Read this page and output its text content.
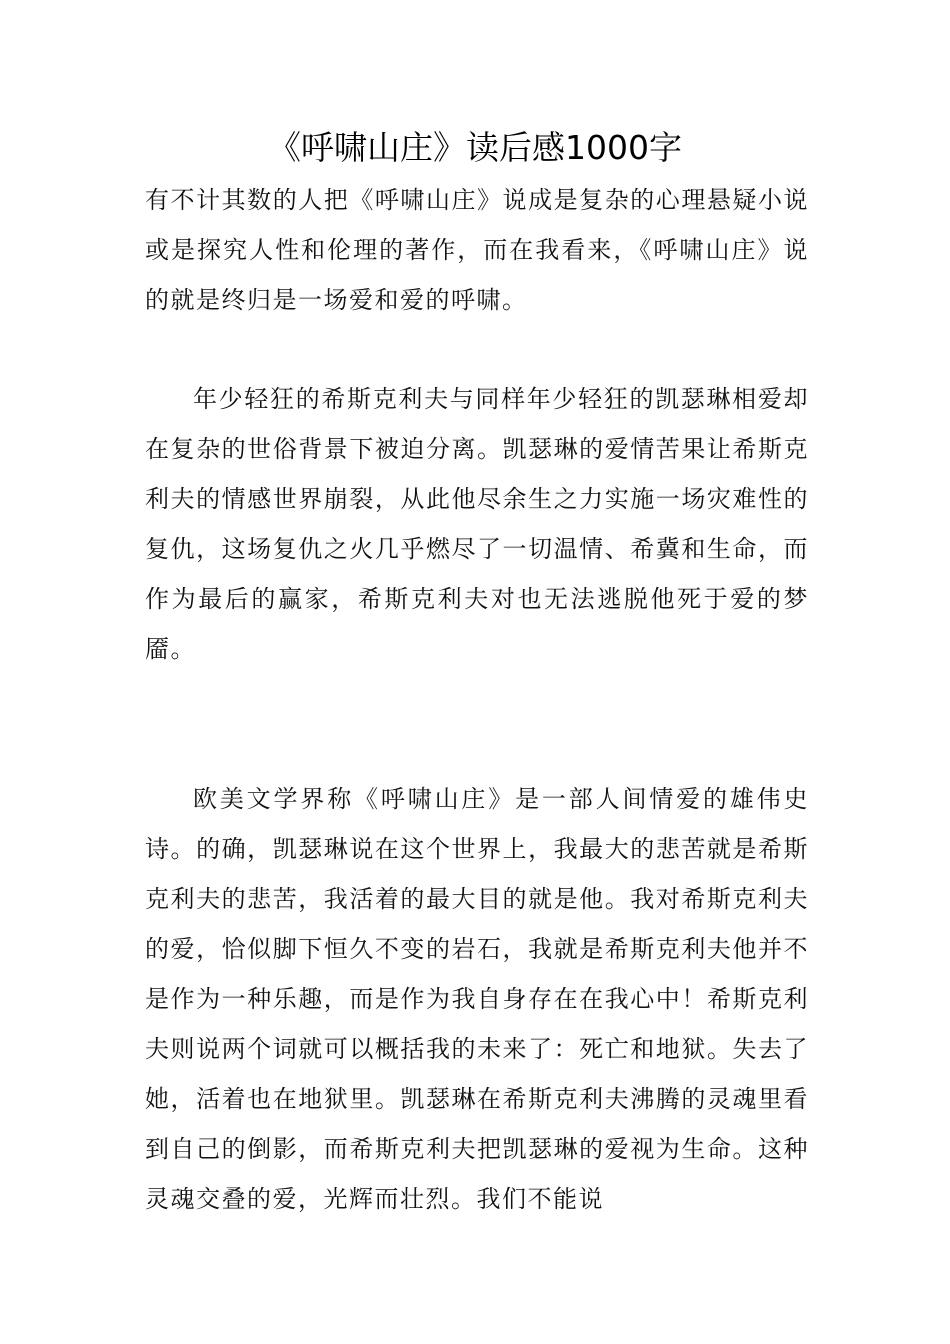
《呼啸山庄》读后感1000字
有不计其数的人把《呼啸山庄》说成是复杂的心理悬疑小说或是探究人性和伦理的著作，而在我看来，《呼啸山庄》说的就是终归是一场爱和爱的呼啸。
年少轻狂的希斯克利夫与同样年少轻狂的凯瑟琳相爱却在复杂的世俗背景下被迫分离。凯瑟琳的爱情苦果让希斯克利夫的情感世界崩裂，从此他尽余生之力实施一场灾难性的复仇，这场复仇之火几乎燃尽了一切温情、希冀和生命，而作为最后的赢家，希斯克利夫对也无法逃脱他死于爱的梦靥。
欧美文学界称《呼啸山庄》是一部人间情爱的雄伟史诗。的确，凯瑟琳说在这个世界上，我最大的悲苦就是希斯克利夫的悲苦，我活着的最大目的就是他。我对希斯克利夫的爱，恰似脚下恒久不变的岩石，我就是希斯克利夫他并不是作为一种乐趣，而是作为我自身存在在我心中！希斯克利夫则说两个词就可以概括我的未来了：死亡和地狱。失去了她，活着也在地狱里。凯瑟琳在希斯克利夫沸腾的灵魂里看到自己的倒影，而希斯克利夫把凯瑟琳的爱视为生命。这种灵魂交叠的爱，光辉而壮烈。我们不能说
